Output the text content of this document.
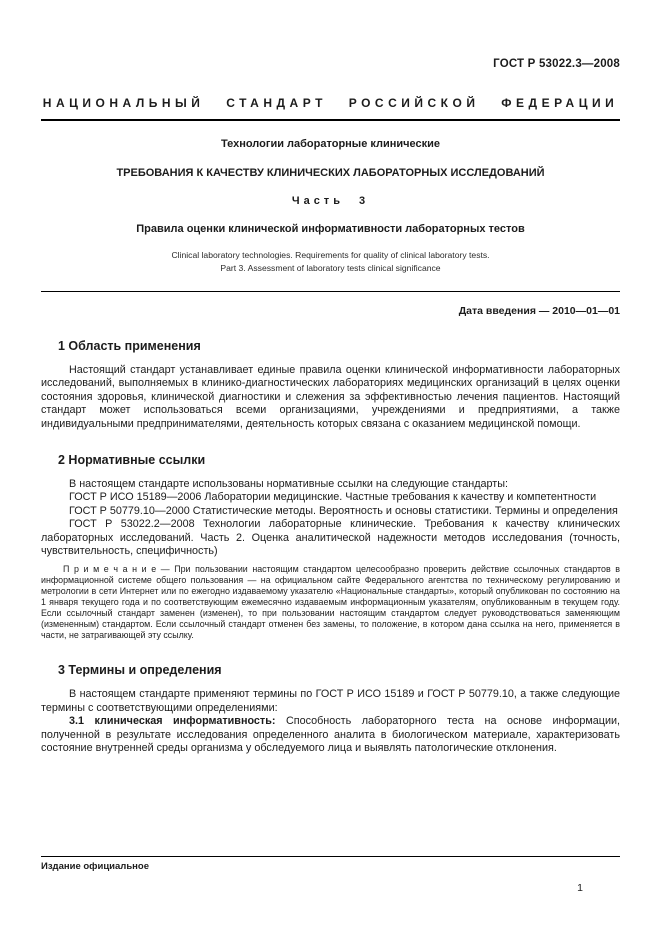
ГОСТ Р 53022.3—2008
НАЦИОНАЛЬНЫЙ СТАНДАРТ РОССИЙСКОЙ ФЕДЕРАЦИИ
Технологии лабораторные клинические
ТРЕБОВАНИЯ К КАЧЕСТВУ КЛИНИЧЕСКИХ ЛАБОРАТОРНЫХ ИССЛЕДОВАНИЙ
Часть 3
Правила оценки клинической информативности лабораторных тестов
Clinical laboratory technologies. Requirements for quality of clinical laboratory tests.
Part 3. Assessment of laboratory tests clinical significance
Дата введения — 2010—01—01
1 Область применения

Настоящий стандарт устанавливает единые правила оценки клинической информативности лабораторных исследований, выполняемых в клинико-диагностических лабораториях медицинских организаций в целях оценки состояния здоровья, клинической диагностики и слежения за эффективностью лечения пациентов. Настоящий стандарт может использоваться всеми организациями, учреждениями и предприятиями, а также индивидуальными предпринимателями, деятельность которых связана с оказанием медицинской помощи.

2 Нормативные ссылки

В настоящем стандарте использованы нормативные ссылки на следующие стандарты:

ГОСТ Р ИСО 15189—2006 Лаборатории медицинские. Частные требования к качеству и компетентности

ГОСТ Р 50779.10—2000 Статистические методы. Вероятность и основы статистики. Термины и определения

ГОСТ Р 53022.2—2008 Технологии лабораторные клинические. Требования к качеству клинических лабораторных исследований. Часть 2. Оценка аналитической надежности методов исследования (точность, чувствительность, специфичность)

П р и м е ч а н и е — При пользовании настоящим стандартом целесообразно проверить действие ссылочных стандартов в информационной системе общего пользования — на официальном сайте Федерального агентства по техническому регулированию и метрологии в сети Интернет или по ежегодно издаваемому указателю «Национальные стандарты», который опубликован по состоянию на 1 января текущего года и по соответствующим ежемесячно издаваемым информационным указателям, опубликованным в текущем году. Если ссылочный стандарт заменен (изменен), то при пользовании настоящим стандартом следует руководствоваться заменяющим (измененным) стандартом. Если ссылочный стандарт отменен без замены, то положение, в котором дана ссылка на него, применяется в части, не затрагивающей эту ссылку.

3 Термины и определения

В настоящем стандарте применяют термины по ГОСТ Р ИСО 15189 и ГОСТ Р 50779.10, а также следующие термины с соответствующими определениями:

3.1 клиническая информативность: Способность лабораторного теста на основе информации, полученной в результате исследования определенного аналита в биологическом материале, характеризовать состояние внутренней среды организма у обследуемого лица и выявлять патологические отклонения.

Издание официальное
1
